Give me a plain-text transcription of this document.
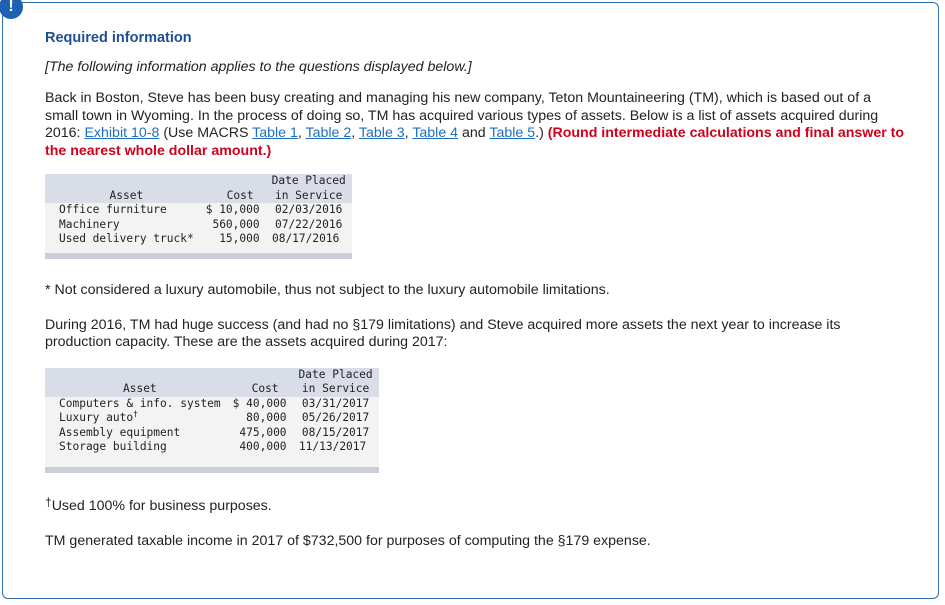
!

Required information

[The following information applies to the questions displayed below.]

Back in Boston, Steve has been busy creating and managing his new company, Teton Mountaineering (TM), which is based out of a small town in Wyoming. In the process of doing so, TM has acquired various types of assets. Below is a list of assets acquired during 2016: Exhibit 10-8 (Use MACRS Table 1, Table 2, Table 3, Table 4 and Table 5.) (Round intermediate calculations and final answer to the nearest whole dollar amount.)

Asset	Cost	Date Placed
in Service
Office furniture	$ 10,000	02/03/2016
Machinery	560,000	07/22/2016
Used delivery truck*	15,000	08/17/2016

* Not considered a luxury automobile, thus not subject to the luxury automobile limitations.

During 2016, TM had huge success (and had no §179 limitations) and Steve acquired more assets the next year to increase its production capacity. These are the assets acquired during 2017:

Asset	Cost	Date Placed
in Service
Computers & info. system	$ 40,000	03/31/2017
Luxury auto†	80,000	05/26/2017
Assembly equipment	475,000	08/15/2017
Storage building	400,000	11/13/2017

†Used 100% for business purposes.

TM generated taxable income in 2017 of $732,500 for purposes of computing the §179 expense.
